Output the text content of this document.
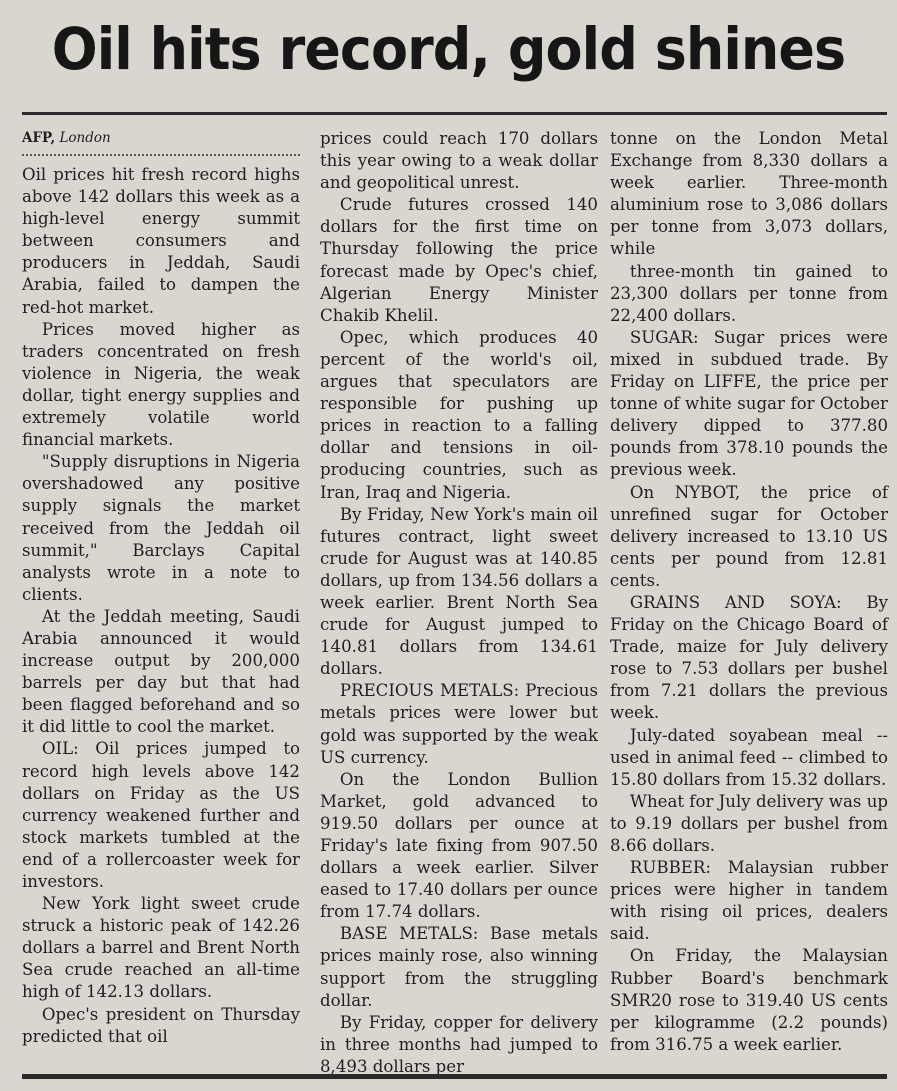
Oil hits record, gold shines
AFP, London

Oil prices hit fresh record highs above 142 dollars this week as a high-level energy summit between consumers and producers in Jeddah, Saudi Arabia, failed to dampen the red-hot market.

Prices moved higher as traders concentrated on fresh violence in Nigeria, the weak dollar, tight energy supplies and extremely volatile world financial markets.

"Supply disruptions in Nigeria overshadowed any positive supply signals the market received from the Jeddah oil summit," Barclays Capital analysts wrote in a note to clients.

At the Jeddah meeting, Saudi Arabia announced it would increase output by 200,000 barrels per day but that had been flagged beforehand and so it did little to cool the market.

OIL: Oil prices jumped to record high levels above 142 dollars on Friday as the US currency weakened further and stock markets tumbled at the end of a rollercoaster week for investors.

New York light sweet crude struck a historic peak of 142.26 dollars a barrel and Brent North Sea crude reached an all-time high of 142.13 dollars.

Opec's president on Thursday predicted that oil

prices could reach 170 dollars this year owing to a weak dollar and geopolitical unrest.

Crude futures crossed 140 dollars for the first time on Thursday following the price forecast made by Opec's chief, Algerian Energy Minister Chakib Khelil.

Opec, which produces 40 percent of the world's oil, argues that speculators are responsible for pushing up prices in reaction to a falling dollar and tensions in oil-producing countries, such as Iran, Iraq and Nigeria.

By Friday, New York's main oil futures contract, light sweet crude for August was at 140.85 dollars, up from 134.56 dollars a week earlier. Brent North Sea crude for August jumped to 140.81 dollars from 134.61 dollars.

PRECIOUS METALS: Precious metals prices were lower but gold was supported by the weak US currency.

On the London Bullion Market, gold advanced to 919.50 dollars per ounce at Friday's late fixing from 907.50 dollars a week earlier. Silver eased to 17.40 dollars per ounce from 17.74 dollars.

BASE METALS: Base metals prices mainly rose, also winning support from the struggling dollar.

By Friday, copper for delivery in three months had jumped to 8,493 dollars per

tonne on the London Metal Exchange from 8,330 dollars a week earlier. Three-month aluminium rose to 3,086 dollars per tonne from 3,073 dollars, while

three-month tin gained to 23,300 dollars per tonne from 22,400 dollars.

SUGAR: Sugar prices were mixed in subdued trade. By Friday on LIFFE, the price per tonne of white sugar for October delivery dipped to 377.80 pounds from 378.10 pounds the previous week.

On NYBOT, the price of unrefined sugar for October delivery increased to 13.10 US cents per pound from 12.81 cents.

GRAINS AND SOYA: By Friday on the Chicago Board of Trade, maize for July delivery rose to 7.53 dollars per bushel from 7.21 dollars the previous week.

July-dated soyabean meal -- used in animal feed -- climbed to 15.80 dollars from 15.32 dollars.

Wheat for July delivery was up to 9.19 dollars per bushel from 8.66 dollars.

RUBBER: Malaysian rubber prices were higher in tandem with rising oil prices, dealers said.

On Friday, the Malaysian Rubber Board's benchmark SMR20 rose to 319.40 US cents per kilogramme (2.2 pounds) from 316.75 a week earlier.
